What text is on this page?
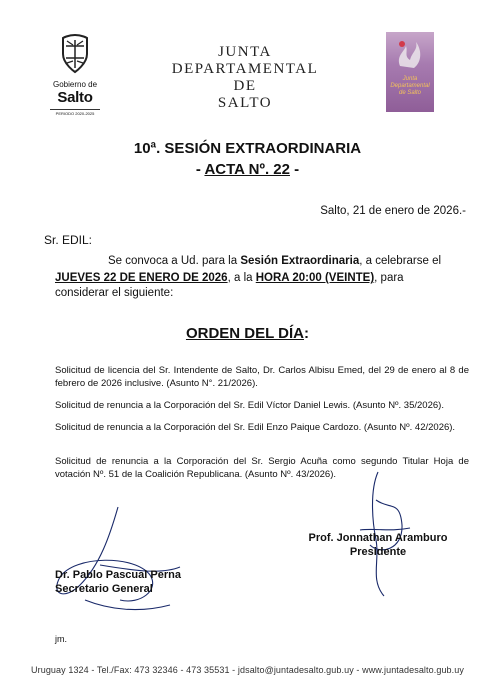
Gobierno de
Salto
PERIODO 2020-2025
JUNTA
DEPARTAMENTAL
DE
SALTO
Junta
Departamental
de Salto
10ª. SESIÓN EXTRAORDINARIA
- ACTA Nº. 22 -
Salto, 21 de enero de 2026.-
Sr. EDIL:
Se convoca a Ud. para la Sesión Extraordinaria, a celebrarse el
JUEVES 22 DE ENERO DE 2026, a la HORA 20:00 (VEINTE), para
considerar el siguiente:
ORDEN DEL DÍA:
Solicitud de licencia del Sr. Intendente de Salto, Dr. Carlos Albisu Emed, del 29 de enero al 8 de febrero de 2026 inclusive. (Asunto N°. 21/2026).
Solicitud de renuncia a la Corporación del Sr. Edil Víctor Daniel Lewis. (Asunto Nº. 35/2026).
Solicitud de renuncia a la Corporación del Sr. Edil Enzo Paique Cardozo. (Asunto Nº. 42/2026).
Solicitud de renuncia a la Corporación del Sr. Sergio Acuña como segundo Titular Hoja de votación Nº. 51 de la Coalición Republicana. (Asunto Nº. 43/2026).
Prof. Jonnathan Aramburo
Presidente
Dr. Pablo Pascual Perna
Secretario General
jm.
Uruguay 1324 - Tel./Fax: 473 32346 - 473 35531 - jdsalto@juntadesalto.gub.uy - www.juntadesalto.gub.uy
